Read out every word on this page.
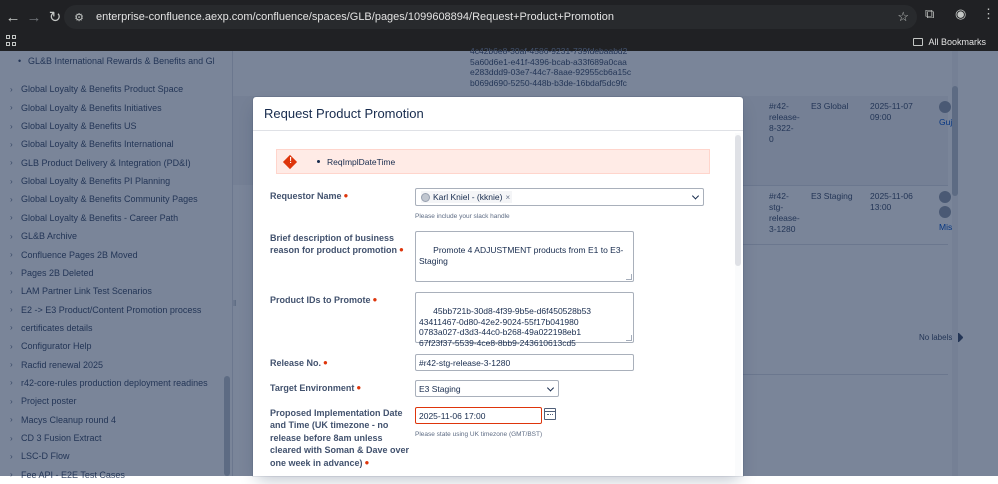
← → ↻	⚙ enterprise-confluence.aexp.com/confluence/spaces/GLB/pages/1099608894/Request+Product+Promotion	☆ ⧉ ◉ ⋮
All Bookmarks
Request Product Promotion
!
ReqImplDateTime
Requestor Name ●	Karl Kniel - (kknie) ×
Please include your slack handle
Brief description of business reason for product promotion ●	Promote 4 ADJUSTMENT products from E1 to E3-
Staging

Product IDs to Promote ●

45bb721b-30d8-4f39-9b5e-d6f450528b53
43411467-0d80-42e2-9024-55f17b041980
0783a027-d3d3-44c0-b268-49a022198eb1
67f23f37-5539-4ce8-8bb9-243610613cd5

Release No. ●	#r42-stg-release-3-1280
Target Environment ●	E3 Staging
Proposed Implementation Date and Time (UK timezone - no release before 8am unless cleared with Soman & Dave over one week in advance) ●
2025-11-06 17:00
Please state using UK timezone (GMT/BST)
